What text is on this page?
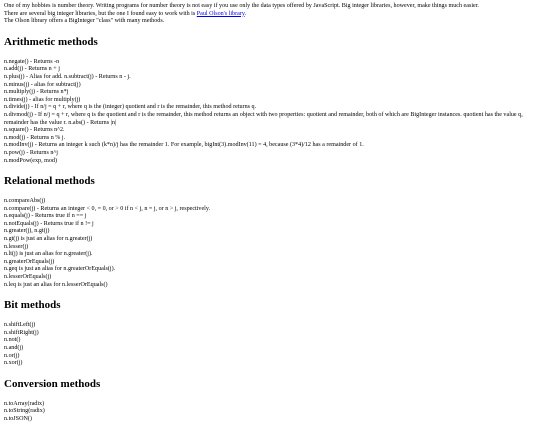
One of my hobbies is number theory. Writing programs for number theory is not easy if you use only the data types offered by JavaScript. Big integer libraries, however, make things much easier.
There are several big integer libraries, but the one I found easy to work with is Paul Olson's library.
The Olson library offers a BigInteger "class" with many methods.

Arithmetic methods
n.negate() - Returns -n
n.add(j) - Returns n + j
n.plus(j) - Alias for add. n.subtract(j) - Returns n - j.
n.minus(j) - alias for subtract(j)
n.multiply(j) - Returns n*j
n.times(j) - alias for multiply(j)
n.divide(j) - If n/j = q + r, where q is the (integer) quotient and r is the remainder, this method returns q.
n.divmod(j) - If n/j = q + r, where q is the quotient and r is the remainder, this method returns an object with two properties: quotient and remainder, both of which are BigInteger instances. quotient has the value q, remainder has the value r. n.abs() - Returns |n|
n.square() - Returns n^2.
n.mod(j) - Returns n % j.
n.modInv(j) - Returns an integer k such (k*n)/j has the remainder 1. For example, bigInt(3).modInv(11) = 4, because (3*4)/12 has a remainder of 1.
n.pow(j) - Returns n^j
n.modPow(exp, mod)
Relational methods
n.compareAbs(j)
n.compare(j) - Returns an integer < 0, = 0, or > 0 if n < j, n = j, or n > j, respectively.
n.equals(j) - Returns true if n == j
n.notEquals(j) - Returns true if n != j
n.greater(j), n.gt(j)
n.gt(j) is just an alias for n.greater(j)
n.lesser(j)
n.lt(j) is just an alias for n.greater(j).
n.greaterOrEquals(j)
n.geq is just an alias for n.greaterOrEquals(j).
n.lesserOrEquals(j)
n.leq is just an alias for n.lesserOrEquals()
Bit methods
n.shiftLeft(j)
n.shiftRight(j)
n.not()
n.and(j)
n.or(j)
n.xor(j)
Conversion methods
n.toArray(radix)
n.toString(radix)
n.toJSON()
